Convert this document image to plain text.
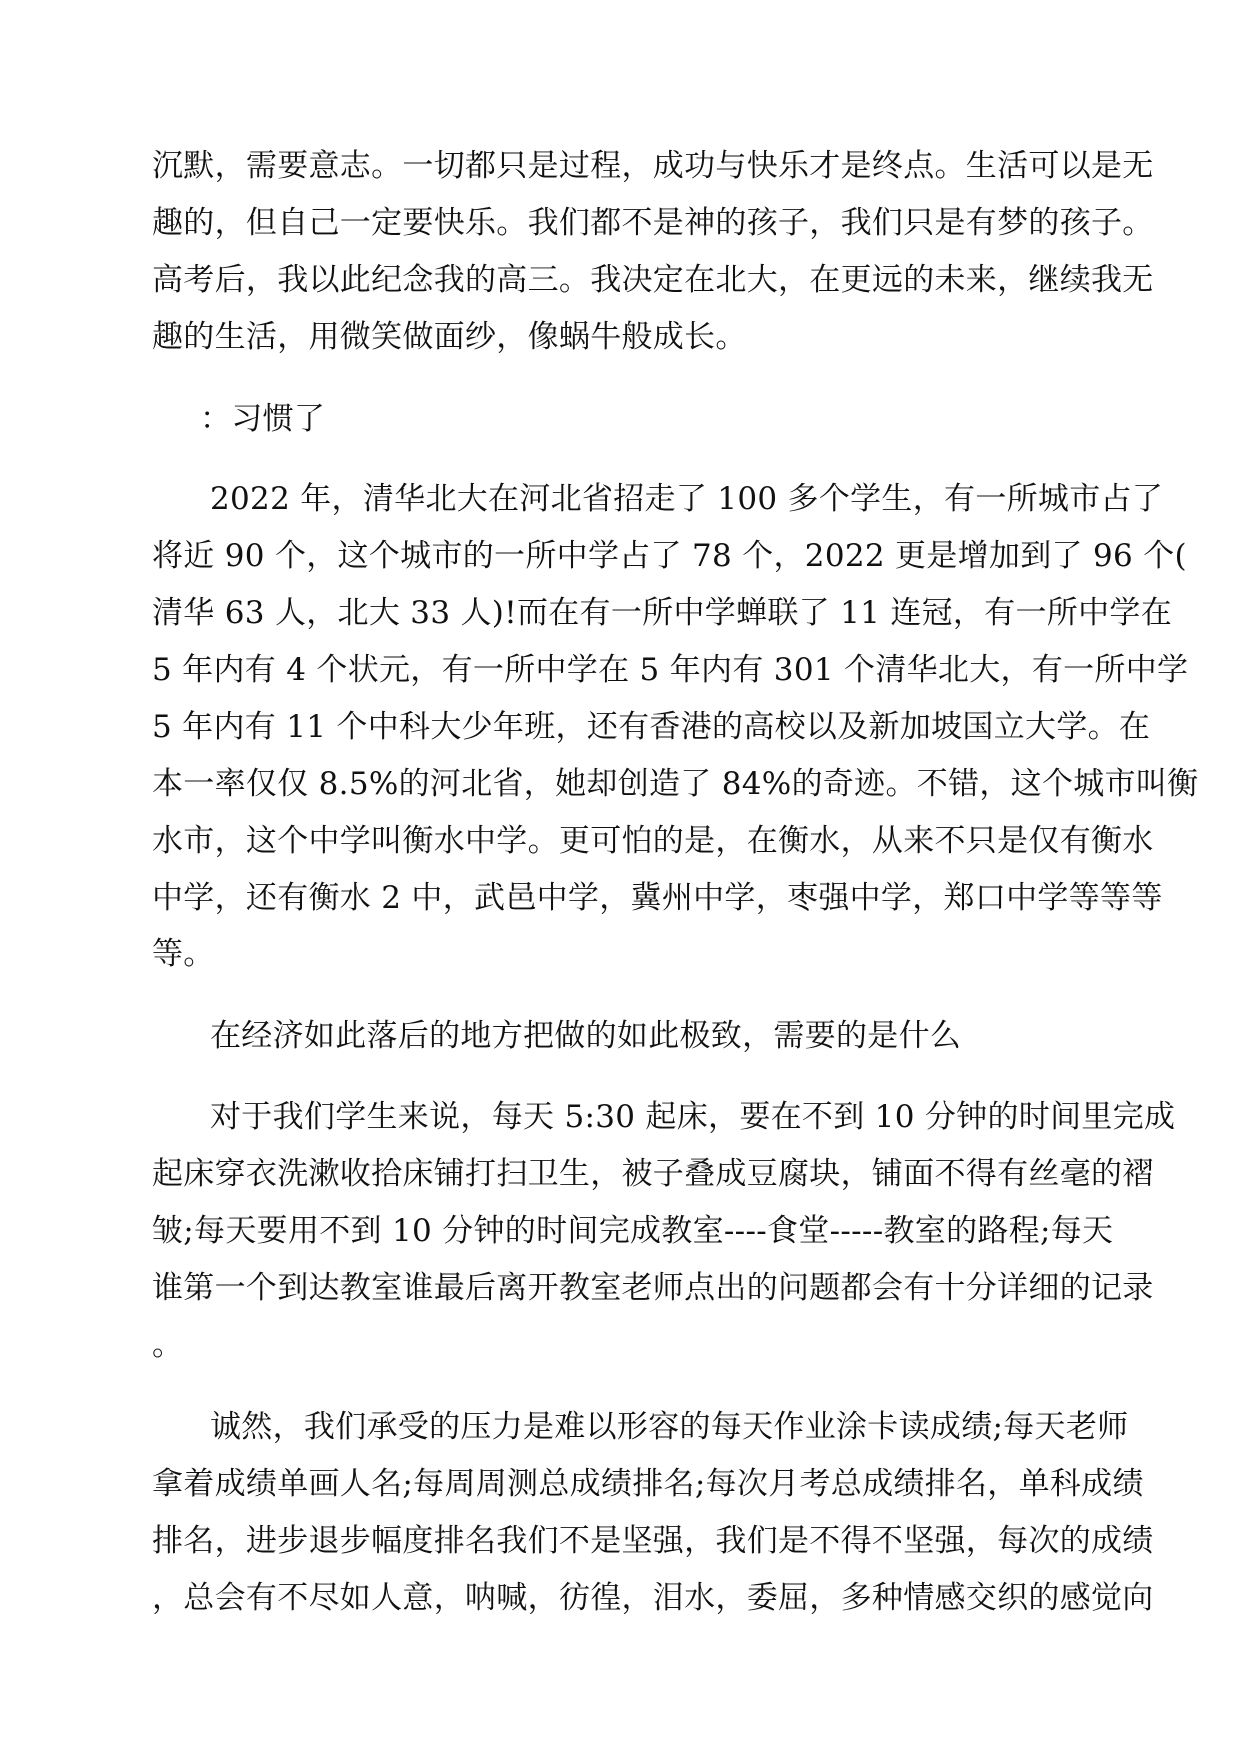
沉默，需要意志。一切都只是过程，成功与快乐才是终点。生活可以是无
趣的，但自己一定要快乐。我们都不是神的孩子，我们只是有梦的孩子。
高考后，我以此纪念我的高三。我决定在北大，在更远的未来，继续我无
趣的生活，用微笑做面纱，像蜗牛般成长。
：习惯了
2022 年，清华北大在河北省招走了 100 多个学生，有一所城市占了
将近 90 个，这个城市的一所中学占了 78 个，2022 更是增加到了 96 个(
清华 63 人，北大 33 人)!而在有一所中学蝉联了 11 连冠，有一所中学在
5 年内有 4 个状元，有一所中学在 5 年内有 301 个清华北大，有一所中学
5 年内有 11 个中科大少年班，还有香港的高校以及新加坡国立大学。在
本一率仅仅 8.5%的河北省，她却创造了 84%的奇迹。不错，这个城市叫衡
水市，这个中学叫衡水中学。更可怕的是，在衡水，从来不只是仅有衡水
中学，还有衡水 2 中，武邑中学，冀州中学，枣强中学，郑口中学等等等
等。
在经济如此落后的地方把做的如此极致，需要的是什么
对于我们学生来说，每天 5:30 起床，要在不到 10 分钟的时间里完成
起床穿衣洗漱收拾床铺打扫卫生，被子叠成豆腐块，铺面不得有丝毫的褶
皱;每天要用不到 10 分钟的时间完成教室----食堂-----教室的路程;每天
谁第一个到达教室谁最后离开教室老师点出的问题都会有十分详细的记录
。
诚然，我们承受的压力是难以形容的每天作业涂卡读成绩;每天老师
拿着成绩单画人名;每周周测总成绩排名;每次月考总成绩排名，单科成绩
排名，进步退步幅度排名我们不是坚强，我们是不得不坚强，每次的成绩
，总会有不尽如人意，呐喊，彷徨，泪水，委屈，多种情感交织的感觉向
